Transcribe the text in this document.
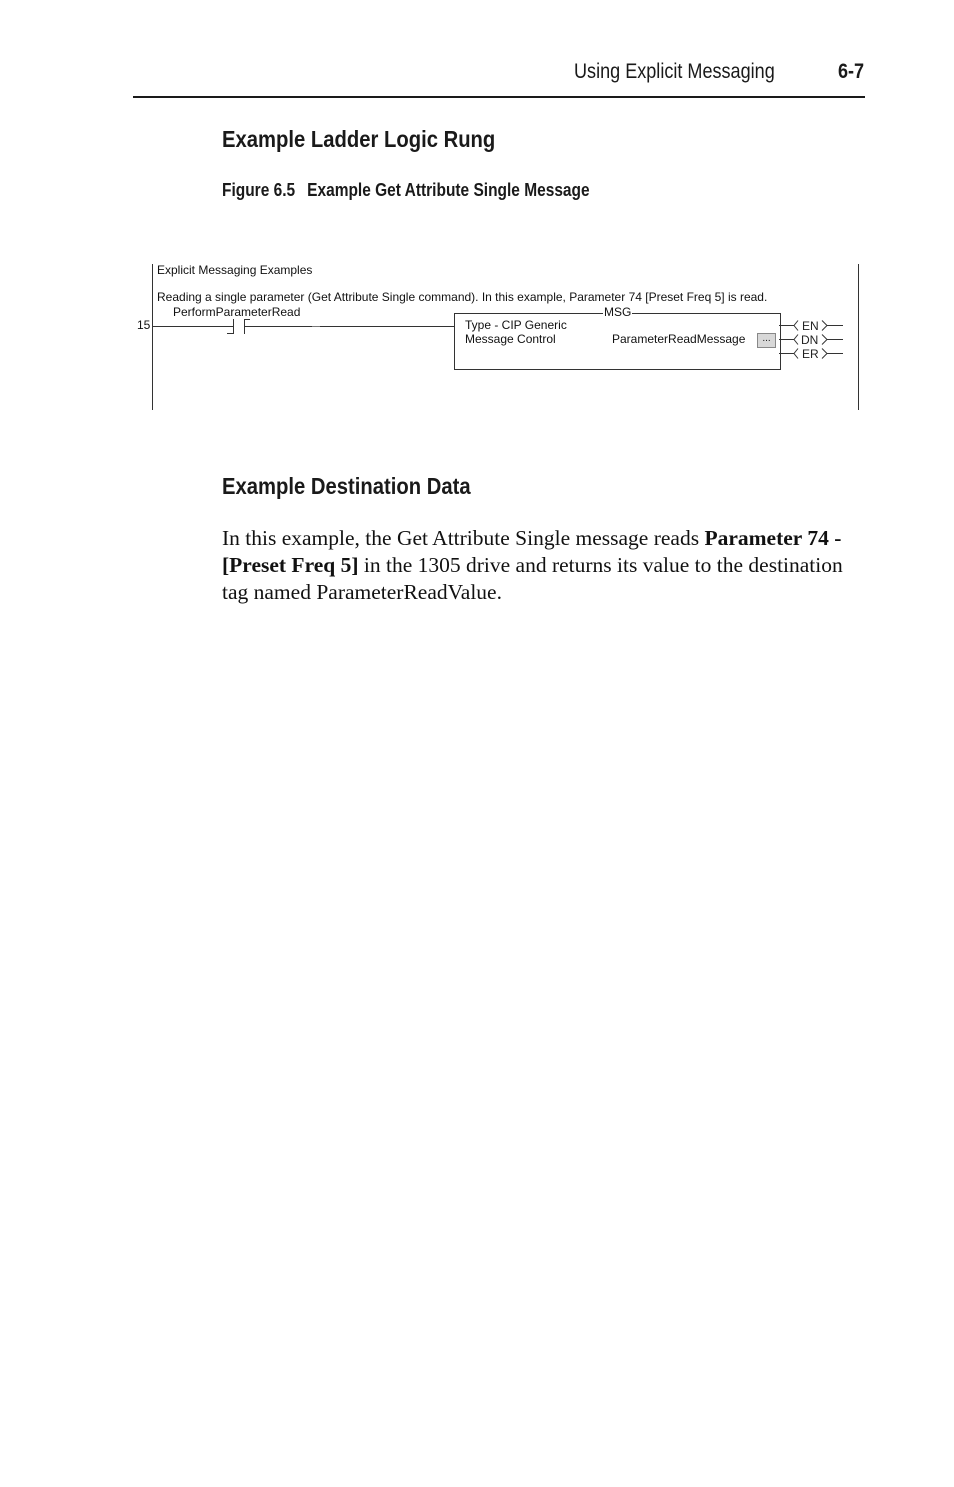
Using Explicit Messaging	6-7
Example Ladder Logic Rung
Figure 6.5 Example Get Attribute Single Message
Explicit Messaging Examples
Reading a single parameter (Get Attribute Single command). In this example, Parameter 74 [Preset Freq 5] is read.
15
PerformParameterRead	MSG
Type - CIP Generic
Message Control	ParameterReadMessage	...
EN
DN
ER
Example Destination Data

In this example, the Get Attribute Single message reads Parameter 74 - [Preset Freq 5] in the 1305 drive and returns its value to the destination tag named ParameterReadValue.
